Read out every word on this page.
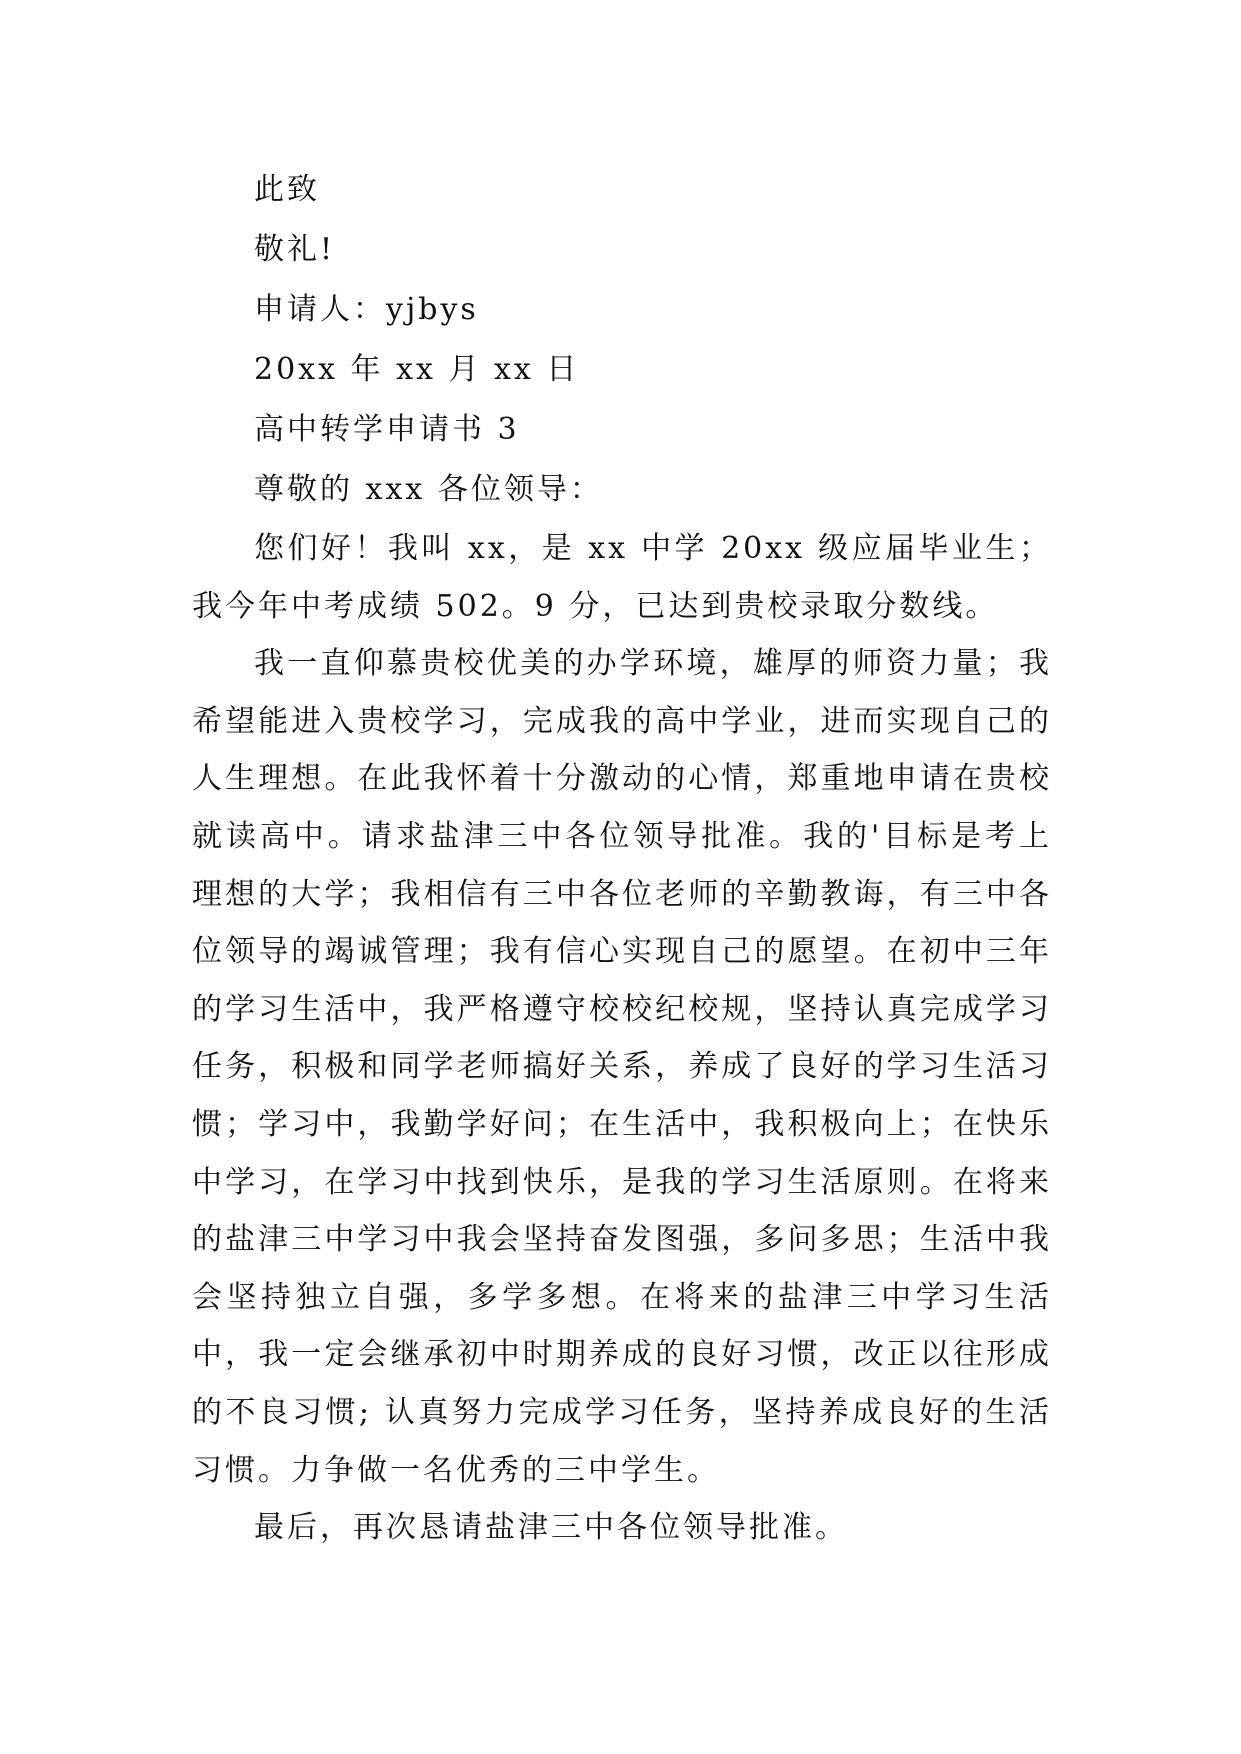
此致
敬礼!
申请人：yjbys
20xx 年 xx 月 xx 日
高中转学申请书 3
尊敬的 xxx 各位领导：

您们好！我叫 xx，是 xx 中学 20xx 级应届毕业生；我今年中考成绩 502。9 分，已达到贵校录取分数线。

我一直仰慕贵校优美的办学环境，雄厚的师资力量；我希望能进入贵校学习，完成我的高中学业，进而实现自己的人生理想。在此我怀着十分激动的心情，郑重地申请在贵校就读高中。请求盐津三中各位领导批准。我的'目标是考上理想的大学；我相信有三中各位老师的辛勤教诲，有三中各位领导的竭诚管理；我有信心实现自己的愿望。在初中三年的学习生活中，我严格遵守校校纪校规，坚持认真完成学习任务，积极和同学老师搞好关系，养成了良好的学习生活习惯；学习中，我勤学好问；在生活中，我积极向上；在快乐中学习，在学习中找到快乐，是我的学习生活原则。在将来的盐津三中学习中我会坚持奋发图强，多问多思；生活中我会坚持独立自强，多学多想。在将来的盐津三中学习生活中，我一定会继承初中时期养成的良好习惯，改正以往形成的不良习惯; 认真努力完成学习任务，坚持养成良好的生活习惯。力争做一名优秀的三中学生。

最后，再次恳请盐津三中各位领导批准。
